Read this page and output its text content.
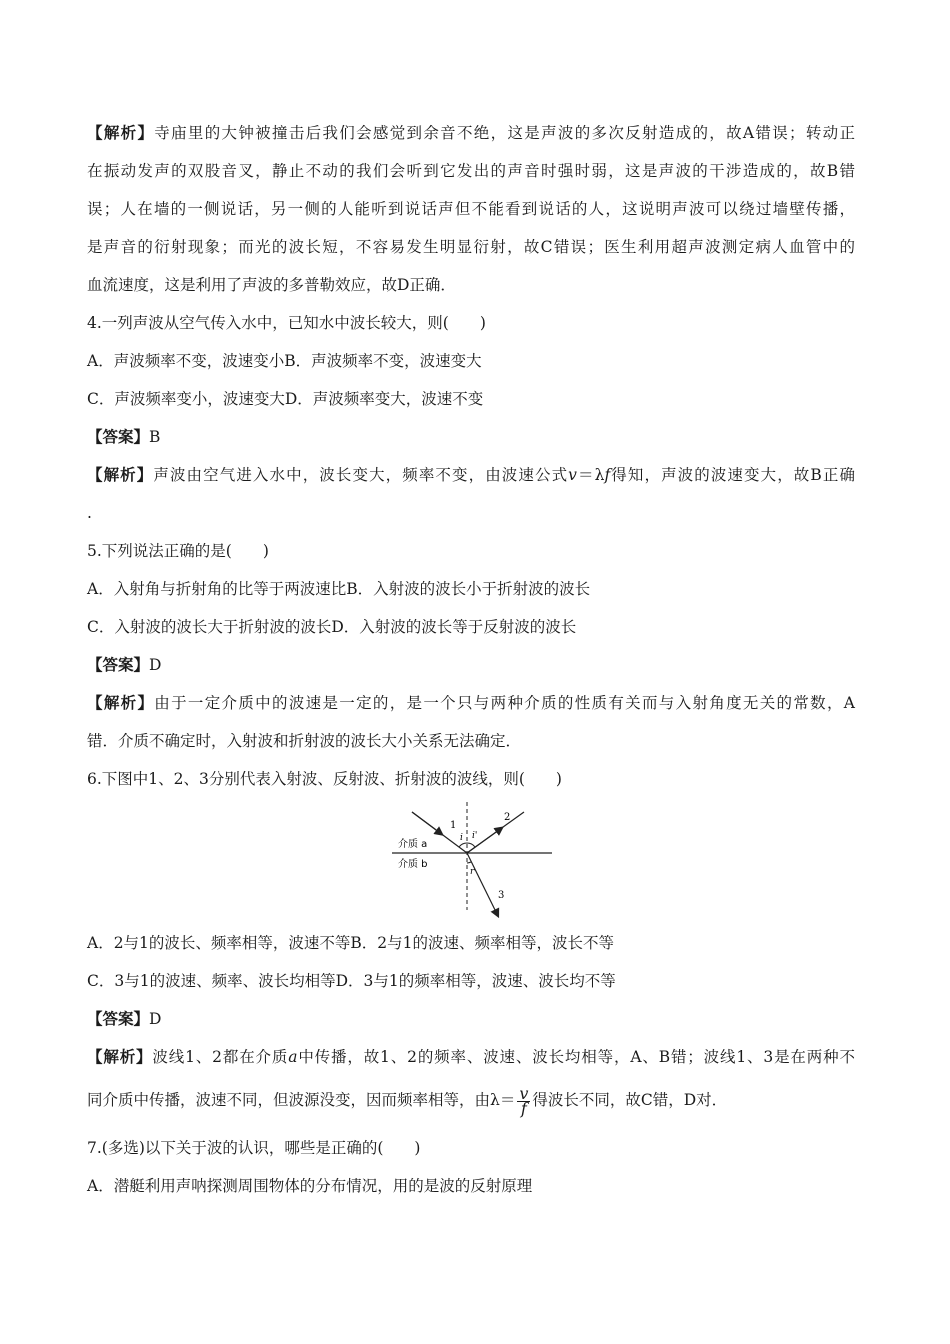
【解析】寺庙里的大钟被撞击后我们会感觉到余音不绝，这是声波的多次反射造成的，故A错误；转动正
在振动发声的双股音叉，静止不动的我们会听到它发出的声音时强时弱，这是声波的干涉造成的，故B错
误；人在墙的一侧说话，另一侧的人能听到说话声但不能看到说话的人，这说明声波可以绕过墙壁传播，
是声音的衍射现象；而光的波长短，不容易发生明显衍射，故C错误；医生利用超声波测定病人血管中的
血流速度，这是利用了声波的多普勒效应，故D正确．
4.一列声波从空气传入水中，已知水中波长较大，则(　　)
A．声波频率不变，波速变小B．声波频率不变，波速变大
C．声波频率变小，波速变大D．声波频率变大，波速不变
【答案】B
【解析】声波由空气进入水中，波长变大，频率不变，由波速公式v＝λf得知，声波的波速变大，故B正确
.
5.下列说法正确的是(　　)
A．入射角与折射角的比等于两波速比B．入射波的波长小于折射波的波长
C．入射波的波长大于折射波的波长D．入射波的波长等于反射波的波长
【答案】D
【解析】由于一定介质中的波速是一定的，是一个只与两种介质的性质有关而与入射角度无关的常数，A
错．介质不确定时，入射波和折射波的波长大小关系无法确定．
6.下图中1、2、3分别代表入射波、反射波、折射波的波线，则(　　)
1
2
3
i i'
r
介质 a
介质 b
A．2与1的波长、频率相等，波速不等B．2与1的波速、频率相等，波长不等
C．3与1的波速、频率、波长均相等D．3与1的频率相等，波速、波长均不等
【答案】D
【解析】波线1、2都在介质a中传播，故1、2的频率、波速、波长均相等，A、B错；波线1、3是在两种不
同介质中传播，波速不同，但波源没变，因而频率相等，由$\lambda= \frac{v}{f}$ 得波长不同，故C错，D对．
7.(多选)以下关于波的认识，哪些是正确的(　　)
A．潜艇利用声呐探测周围物体的分布情况，用的是波的反射原理
